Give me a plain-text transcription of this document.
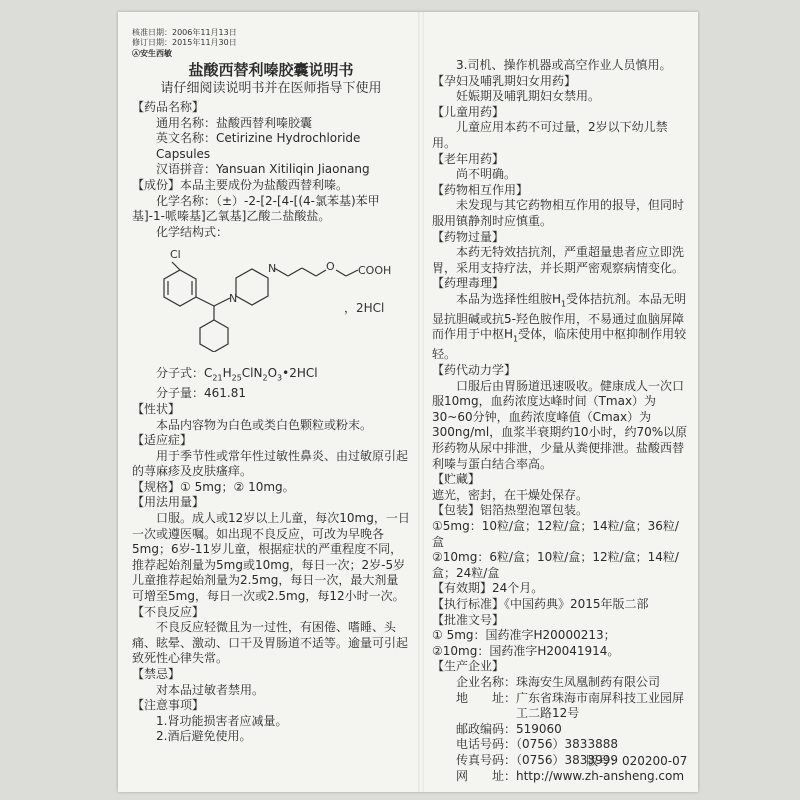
核准日期：2006年11月13日
修订日期：2015年11月30日
Ⓐ安生西敏
盐酸西替利嗪胶囊说明书
请仔细阅读说明书并在医师指导下使用

【药品名称】

通用名称：盐酸西替利嗪胶囊

英文名称：Cetirizine Hydrochloride Capsules

汉语拼音：Yansuan Xitiliqin Jiaonang

【成份】本品主要成份为盐酸西替利嗪。

化学名称：（±）-2-[2-[4-[(4-氯苯基)苯甲基]-1-哌嗪基]乙氧基]乙酸二盐酸盐。

化学结构式：

Cl
N
N	O COOH
，2HCl

分子式：$C_{21}H_{25}ClN_2O_3•2HCl$

分子量：461.81

【性状】

本品内容物为白色或类白色颗粒或粉末。

【适应症】

用于季节性或常年性过敏性鼻炎、由过敏原引起的荨麻疹及皮肤瘙痒。

【规格】① 5mg；② 10mg。

【用法用量】

口服。成人或12岁以上儿童，每次10mg，一日一次或遵医嘱。如出现不良反应，可改为早晚各5mg；6岁-11岁儿童，根据症状的严重程度不同，推荐起始剂量为5mg或10mg，每日一次；2岁-5岁儿童推荐起始剂量为2.5mg，每日一次，最大剂量可增至5mg，每日一次或2.5mg，每12小时一次。

【不良反应】

不良反应轻微且为一过性，有困倦、嗜睡、头痛、眩晕、激动、口干及胃肠道不适等。逾量可引起致死性心律失常。

【禁忌】

对本品过敏者禁用。

【注意事项】

1.肾功能损害者应减量。

2.酒后避免使用。

3.司机、操作机器或高空作业人员慎用。

【孕妇及哺乳期妇女用药】

妊娠期及哺乳期妇女禁用。

【儿童用药】

儿童应用本药不可过量，2岁以下幼儿禁用。

【老年用药】

尚不明确。

【药物相互作用】

未发现与其它药物相互作用的报导，但同时服用镇静剂时应慎重。

【药物过量】

本药无特效拮抗剂，严重超量患者应立即洗胃，采用支持疗法，并长期严密观察病情变化。

【药理毒理】

本品为选择性组胺$H_1$受体拮抗剂。本品无明显抗胆碱或抗5-羟色胺作用，不易通过血脑屏障而作用于中枢$H_1$受体，临床使用中枢抑制作用较轻。

【药代动力学】

口服后由胃肠道迅速吸收。健康成人一次口服10mg，血药浓度达峰时间（Tmax）为30~60分钟，血药浓度峰值（Cmax）为300ng/ml，血浆半衰期约10小时，约70%以原形药物从尿中排泄，少量从粪便排泄。盐酸西替利嗪与蛋白结合率高。

【贮藏】

遮光，密封，在干燥处保存。

【包装】铝箔热塑泡罩包装。

①5mg：10粒/盒；12粒/盒；14粒/盒；36粒/盒

②10mg：6粒/盒；10粒/盒；12粒/盒；14粒/盒；24粒/盒

【有效期】24个月。

【执行标准】《中国药典》2015年版二部

【批准文号】

① 5mg：国药准字H20000213；

②10mg：国药准字H20041914。

【生产企业】

企业名称：珠海安生凤凰制药有限公司

地　　址： 广东省珠海市南屏科技工业园屏工二路12号

邮政编码：519060

电话号码：（0756）3833888

传真号码：（0756）3833999

网　　址：http://www.zh-ansheng.com

版号：020200-07
